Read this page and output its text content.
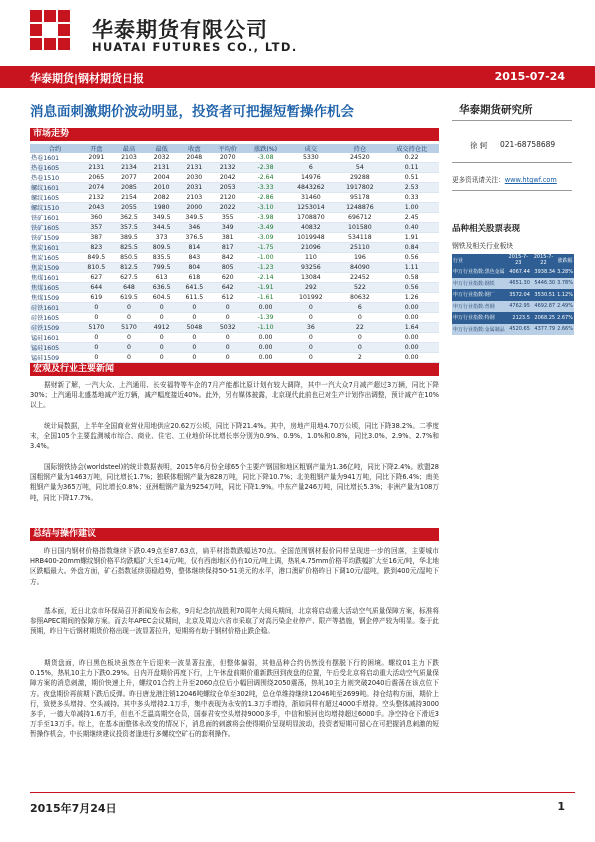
华泰期货有限公司
HUATAI FUTURES CO., LTD.
华泰期货|钢材期货日报	2015-07-24
消息面刺激期价波动明显，投资者可把握短暂操作机会
市场走势
合约	开盘	最高	最低	收盘	平均价	涨跌(%)	成交	持仓	成交持仓比
热卷1601	2091	2103	2032	2048	2070	-3.08	5330	24520	0.22
热卷1605	2131	2134	2131	2131	2132	-2.38	6	54	0.11
热卷1510	2065	2077	2004	2030	2042	-2.64	14976	29288	0.51
螺纹1601	2074	2085	2010	2031	2053	-3.33	4843262	1917802	2.53
螺纹1605	2132	2154	2082	2103	2120	-2.86	31460	95178	0.33
螺纹1510	2043	2055	1980	2000	2022	-3.10	1253014	1248876	1.00
铁矿1601	360	362.5	349.5	349.5	355	-3.98	1708870	696712	2.45
铁矿1605	357	357.5	344.5	346	349	-3.49	40832	101580	0.40
铁矿1509	387	389.5	373	376.5	381	-3.09	1019948	534118	1.91
焦炭1601	823	825.5	809.5	814	817	-1.75	21096	25110	0.84
焦炭1605	849.5	850.5	835.5	843	842	-1.00	110	196	0.56
焦炭1509	810.5	812.5	799.5	804	805	-1.23	93256	84090	1.11
焦煤1601	627	627.5	613	618	620	-2.14	13084	22452	0.58
焦煤1605	644	648	636.5	641.5	642	-1.91	292	522	0.56
焦煤1509	619	619.5	604.5	611.5	612	-1.61	101992	80632	1.26
硅铁1601	0	0	0	0	0	0.00	0	6	0.00
硅铁1605	0	0	0	0	0	-1.39	0	0	0.00
硅铁1509	5170	5170	4912	5048	5032	-1.10	36	22	1.64
锰硅1601	0	0	0	0	0	0.00	0	0	0.00
锰硅1605	0	0	0	0	0	0.00	0	0	0.00
锰硅1509	0	0	0	0	0	0.00	0	2	0.00
宏观及行业主要新闻
据财新了解，一汽大众、上汽通用、长安福特等车企的7月产能都比原计划有较大调降，其中一汽大众7月减产超过3万辆，同比下降30%；上汽通用北盛基地减产近万辆，减产幅度接近40%。此外，另有媒体披露，北京现代此前也已对生产计划作出调整，预计减产在10%以上。
统计局数据，上半年全国商业营业用地供应20.62万公顷，同比下降21.4%。其中，房地产用地4.70万公顷，同比下降38.2%。二季度末，全国105个主要监测城市综合、商业、住宅、工业地价环比增长率分别为0.9%、0.9%、1.0%和0.8%，同比3.0%、2.9%、2.7%和3.4%。
国际钢铁协会(worldsteel)的统计数据表明，2015年6月份全球65个主要产钢国和地区粗钢产量为1.36亿吨，同比下降2.4%。欧盟28国粗钢产量为1463万吨，同比增长1.7%；独联体粗钢产量为828万吨，同比下降10.7%；北美粗钢产量为941万吨，同比下降6.4%；南美粗钢产量为365万吨，同比增长0.8%；亚洲粗钢产量为9254万吨，同比下降1.9%。中东产量246万吨，同比增长5.3%；非洲产量为108万吨，同比下降17.7%。
总结与操作建议
昨日国内钢材价格指数继续下跌0.49点至87.63点，扁平材指数跌幅达70点。全国范围钢材报价同样呈现进一步的回落，主要城市HRB400-20mm螺纹钢价格平均跌幅扩大至14元/吨，仅有西南地区仍有10元/吨上调，热轧4.75mm价格平均跌幅扩大至16元/吨，华北地区跌幅最大。外盘方面，矿石指数延续弱稳趋势，整体继续保持50-51美元的水平，港口澳矿价格昨日下调10元/湿吨，跌到400元/湿吨下方。
基本面，近日北京市环保局召开新闻发布会称，9月纪念抗战胜利70周年大阅兵期间，北京将启动重大活动空气质量保障方案，标准将参照APEC期间的保障方案。而去年APEC会议期间，北京及周边六省市采取了对高污染企业停产、限产等措施，钢企停产较为明显。鉴于此预期，昨日午后钢材期货价格出现一波显著拉升，短期将有助于钢材价格止跌企稳。
期货盘面，昨日黑色板块虽然在午后迎来一波显著拉涨，但整体偏弱，其他品种合约仍然没有摆脱下行的困境。螺纹01主力下跌0.15%，热轧10主力下跌0.29%。日内开盘期价再度下行，上午休盘前期价重新跌回到夜盘的位置，午后受北京将启动重大活动空气质量保障方案的消息刺激，期价快速上升，螺纹01合约上升至2060点位后小幅回调围绕2050震荡，热轧10主力则突破2040后震荡在该点位下方。夜盘期价再前期下跌后反弹。昨日唐龙港注销12046吨螺纹仓单至302吨，总仓单维持继续12046吨至2699吨。持仓结构方面，期价上行，致使多头增持、空头减持。其中多头增持2.1万手，集中表现为永安的1.3万手增持，浙如同样有超过4000手增持。空头整体减持3000多手，一德大单减持1.6万手，但也不乏温高期空仓员，国泰君安空头增持9000多手，中信和银河也均增持超过6000手。净空持仓下滑近3万手至13万手。综上，在基本面整体永改变的情况下，消息面的刺激将会使得期价呈现明显波动，投资者短期可留心在可把握消息刺激的短暂操作机会，中长期继续建议投资者逢进行多螺纹空矿石的套利操作。
华泰期货研究所
徐 轲 021-68758689
更多资讯请关注：www.htgwf.com
品种相关股票表现
钢铁及相关行业板块
行业	2015-7-23	2015-7-22	涨跌幅
申万行业指数:黑色金属	4067.44	3938.34	3.28%
申万行业指数:钢铁	4651.30	5446.30	3.78%
申万行业指数:钢厂	3572.04	3530.51	1.12%
申万行业指数:普钢	4762.95	4692.87	2.49%
申万行业指数:特钢	2123.5	2068.25	2.67%
申万行业指数:金属制品	4520.65	4377.79	2.66%
2015年7月24日	1
